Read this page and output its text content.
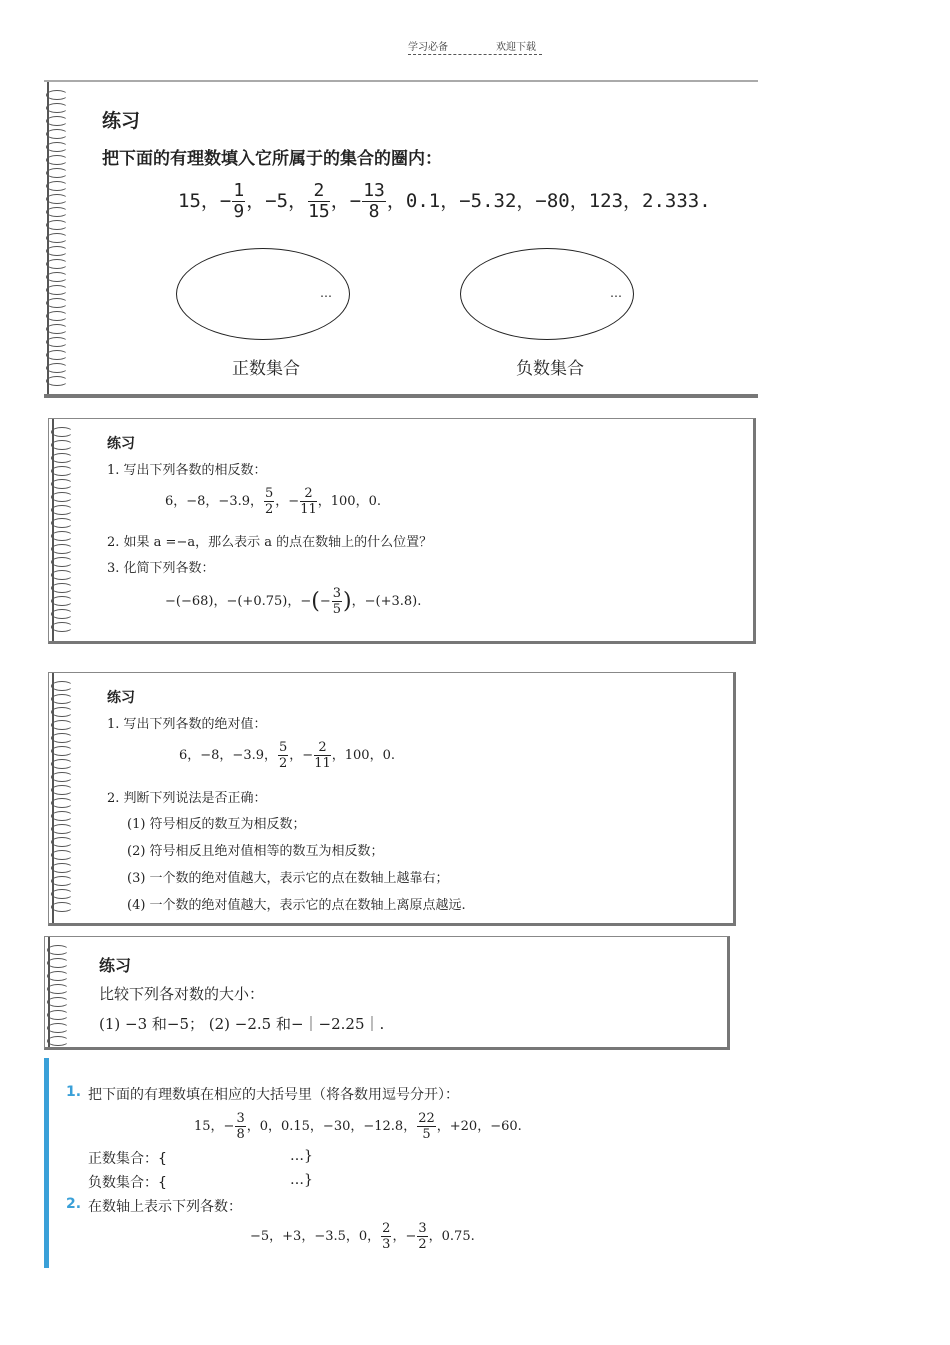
学习必备	欢迎下载
练习
把下面的有理数填入它所属于的集合的圈内：
15，− $\frac{1}{9}$ ，−5， $\frac{2}{15}$ ，− $\frac{13}{8}$ ，0.1，−5.32，−80，123，2.333.
…	…
正数集合	负数集合
练习
1. 写出下列各数的相反数：
6，−8，−3.9， $\frac{5}{2}$ ，− $\frac{2}{11}$ ，100，0.
2. 如果 a =−a，那么表示 a 的点在数轴上的什么位置？
3. 化简下列各数：
−(−68)，−(+0.75)，−(− $\frac{3}{5}$ )，−(+3.8).
练习
1. 写出下列各数的绝对值：
6，−8，−3.9， $\frac{5}{2}$ ，− $\frac{2}{11}$ ，100，0.
2. 判断下列说法是否正确：
(1) 符号相反的数互为相反数；
(2) 符号相反且绝对值相等的数互为相反数；
(3) 一个数的绝对值越大，表示它的点在数轴上越靠右；
(4) 一个数的绝对值越大，表示它的点在数轴上离原点越远.
练习
比较下列各对数的大小：
(1) −3 和−5； (2) −2.5 和−｜−2.25｜.
1. 把下面的有理数填在相应的大括号里（将各数用逗号分开）：
15，− $\frac{3}{8}$ ，0，0.15，−30，−12.8， $\frac{22}{5}$ ，+20，−60.
正数集合：{	…}
负数集合：{	…}
2. 在数轴上表示下列各数：
−5，+3，−3.5，0， $\frac{2}{3}$ ，− $\frac{3}{2}$ ，0.75.
